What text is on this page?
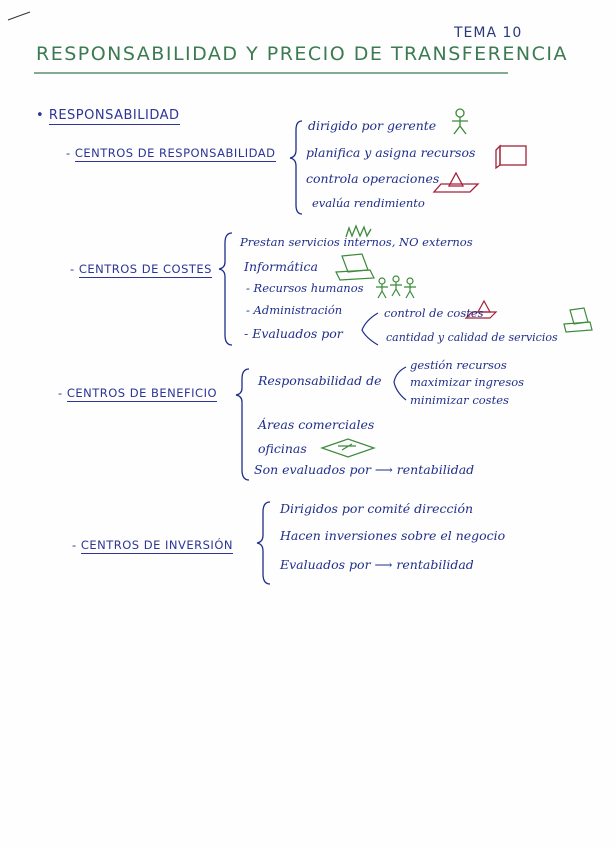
TEMA 10
RESPONSABILIDAD Y PRECIO DE TRANSFERENCIA
• RESPONSABILIDAD
- CENTROS DE RESPONSABILIDAD
dirigido por gerente
planifica y asigna recursos
controla operaciones
evalúa rendimiento
- CENTROS DE COSTES
Prestan servicios internos, NO externos
Informática
- Recursos humanos
- Administración
- Evaluados por
control de costes
cantidad y calidad de servicios
- CENTROS DE BENEFICIO
Responsabilidad de
gestión recursos
maximizar ingresos
minimizar costes
Áreas comerciales
oficinas
Son evaluados por ⟶ rentabilidad
- CENTROS DE INVERSIÓN
Dirigidos por comité dirección
Hacen inversiones sobre el negocio
Evaluados por ⟶ rentabilidad
